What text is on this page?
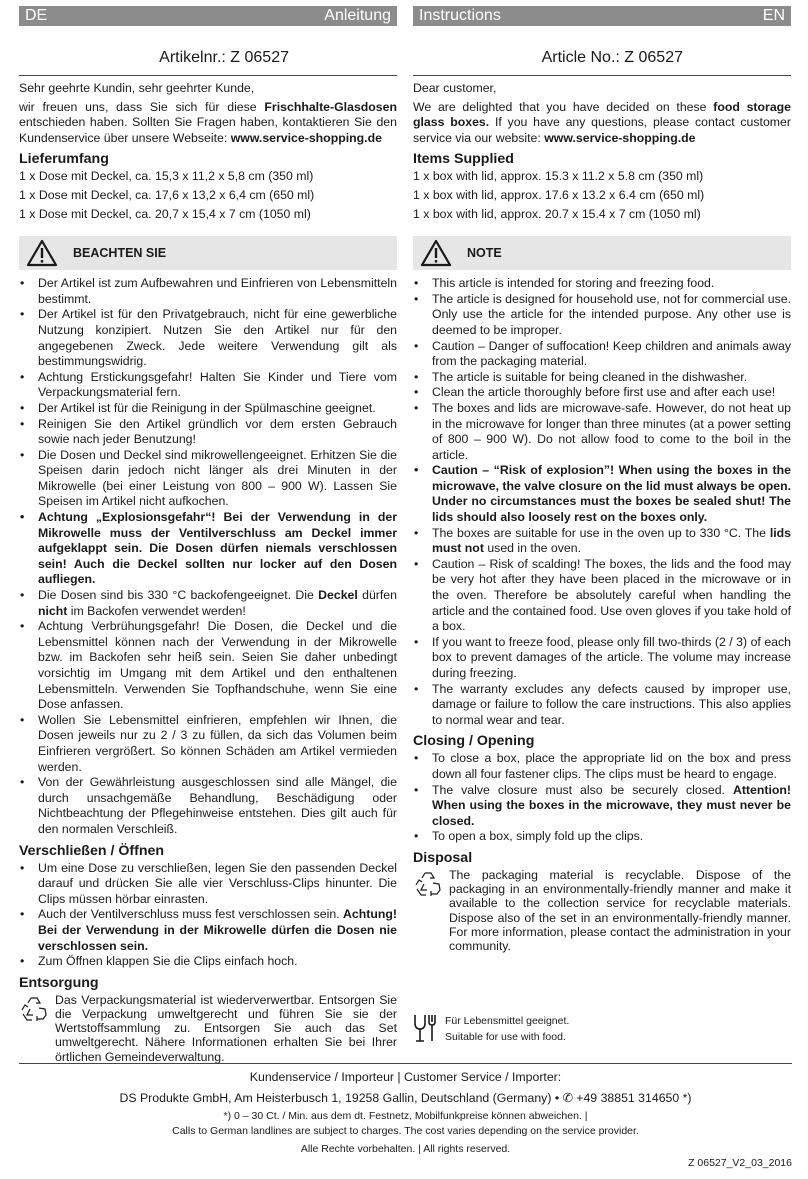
DE	Anleitung
Artikelnr.: Z 06527

Sehr geehrte Kundin, sehr geehrter Kunde,

wir freuen uns, dass Sie sich für diese Frischhalte-Glasdosen entschieden haben. Sollten Sie Fragen haben, kontaktieren Sie den Kundenservice über unsere Webseite: www.service-shopping.de

Lieferumfang

1 x Dose mit Deckel, ca. 15,3 x 11,2 x 5,8 cm (350 ml)

1 x Dose mit Deckel, ca. 17,6 x 13,2 x 6,4 cm (650 ml)

1 x Dose mit Deckel, ca. 20,7 x 15,4 x 7 cm (1050 ml)

BEACHTEN SIE
• Der Artikel ist zum Aufbewahren und Einfrieren von Lebensmitteln bestimmt.
• Der Artikel ist für den Privatgebrauch, nicht für eine gewerbliche Nutzung konzipiert. Nutzen Sie den Artikel nur für den angegebenen Zweck. Jede weitere Verwendung gilt als bestimmungswidrig.
• Achtung Erstickungsgefahr! Halten Sie Kinder und Tiere vom Verpackungsmaterial fern.
• Der Artikel ist für die Reinigung in der Spülmaschine geeignet.
• Reinigen Sie den Artikel gründlich vor dem ersten Gebrauch sowie nach jeder Benutzung!
• Die Dosen und Deckel sind mikrowellengeeignet. Erhitzen Sie die Speisen darin jedoch nicht länger als drei Minuten in der Mikrowelle (bei einer Leistung von 800 – 900 W). Lassen Sie Speisen im Artikel nicht aufkochen.
• Achtung „Explosionsgefahr“! Bei der Verwendung in der Mikrowelle muss der Ventilverschluss am Deckel immer aufgeklappt sein. Die Dosen dürfen niemals verschlossen sein! Auch die Deckel sollten nur locker auf den Dosen aufliegen.
• Die Dosen sind bis 330 °C backofengeeignet. Die Deckel dürfen nicht im Backofen verwendet werden!
• Achtung Verbrühungsgefahr! Die Dosen, die Deckel und die Lebensmittel können nach der Verwendung in der Mikrowelle bzw. im Backofen sehr heiß sein. Seien Sie daher unbedingt vorsichtig im Umgang mit dem Artikel und den enthaltenen Lebensmitteln. Verwenden Sie Topfhandschuhe, wenn Sie eine Dose anfassen.
• Wollen Sie Lebensmittel einfrieren, empfehlen wir Ihnen, die Dosen jeweils nur zu 2 / 3 zu füllen, da sich das Volumen beim Einfrieren vergrößert. So können Schäden am Artikel vermieden werden.
• Von der Gewährleistung ausgeschlossen sind alle Mängel, die durch unsachgemäße Behandlung, Beschädigung oder Nichtbeachtung der Pflegehinweise entstehen. Dies gilt auch für den normalen Verschleiß.
Verschließen / Öffnen
• Um eine Dose zu verschließen, legen Sie den passenden Deckel darauf und drücken Sie alle vier Verschluss-Clips hinunter. Die Clips müssen hörbar einrasten.
• Auch der Ventilverschluss muss fest verschlossen sein. Achtung! Bei der Verwendung in der Mikrowelle dürfen die Dosen nie verschlossen sein.
• Zum Öffnen klappen Sie die Clips einfach hoch.
Entsorgung

Das Verpackungsmaterial ist wiederverwertbar. Entsorgen Sie die Verpackung umweltgerecht und führen Sie sie der Wertstoffsammlung zu. Entsorgen Sie auch das Set umweltgerecht. Nähere Informationen erhalten Sie bei Ihrer örtlichen Gemeindeverwaltung.

Instructions	EN
Article No.: Z 06527

Dear customer,

We are delighted that you have decided on these food storage glass boxes. If you have any questions, please contact customer service via our website: www.service-shopping.de

Items Supplied

1 x box with lid, approx. 15.3 x 11.2 x 5.8 cm (350 ml)

1 x box with lid, approx. 17.6 x 13.2 x 6.4 cm (650 ml)

1 x box with lid, approx. 20.7 x 15.4 x 7 cm (1050 ml)

NOTE
• This article is intended for storing and freezing food.
• The article is designed for household use, not for commercial use. Only use the article for the intended purpose. Any other use is deemed to be improper.
• Caution – Danger of suffocation! Keep children and animals away from the packaging material.
• The article is suitable for being cleaned in the dishwasher.
• Clean the article thoroughly before first use and after each use!
• The boxes and lids are microwave-safe. However, do not heat up in the microwave for longer than three minutes (at a power setting of 800 – 900 W). Do not allow food to come to the boil in the article.
• Caution – “Risk of explosion”! When using the boxes in the microwave, the valve closure on the lid must always be open. Under no circumstances must the boxes be sealed shut! The lids should also loosely rest on the boxes only.
• The boxes are suitable for use in the oven up to 330 °C. The lids must not used in the oven.
• Caution – Risk of scalding! The boxes, the lids and the food may be very hot after they have been placed in the microwave or in the oven. Therefore be absolutely careful when handling the article and the contained food. Use oven gloves if you take hold of a box.
• If you want to freeze food, please only fill two-thirds (2 / 3) of each box to prevent damages of the article. The volume may increase during freezing.
• The warranty excludes any defects caused by improper use, damage or failure to follow the care instructions. This also applies to normal wear and tear.
Closing / Opening
• To close a box, place the appropriate lid on the box and press down all four fastener clips. The clips must be heard to engage.
• The valve closure must also be securely closed. Attention! When using the boxes in the microwave, they must never be closed.
• To open a box, simply fold up the clips.
Disposal

The packaging material is recyclable. Dispose of the packaging in an environmentally-friendly manner and make it available to the collection service for recyclable materials. Dispose also of the set in an environmentally-friendly manner. For more information, please contact the administration in your community.

Für Lebensmittel geeignet.
Suitable for use with food.
Kundenservice / Importeur | Customer Service / Importer:
DS Produkte GmbH, Am Heisterbusch 1, 19258 Gallin, Deutschland (Germany) • ✆ +49 38851 314650 *)
*) 0 – 30 Ct. / Min. aus dem dt. Festnetz, Mobilfunkpreise können abweichen. |
Calls to German landlines are subject to charges. The cost varies depending on the service provider.
Alle Rechte vorbehalten. | All rights reserved.
Z 06527_V2_03_2016
